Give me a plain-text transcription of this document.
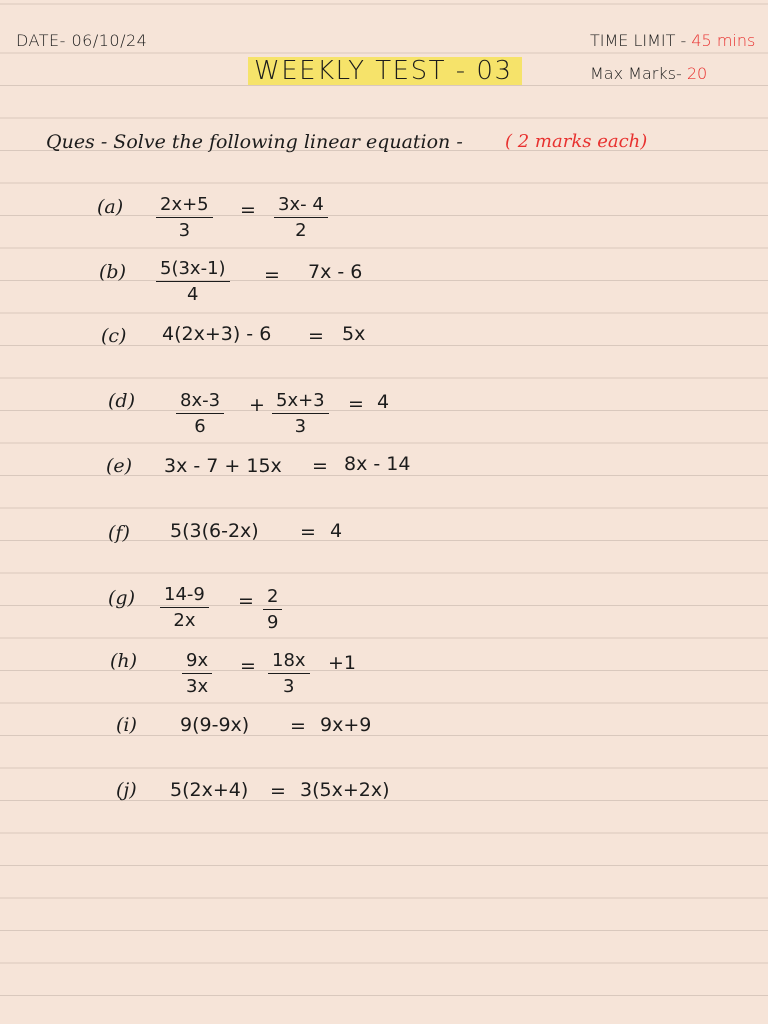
DATE- 06/10/24
WEEKLY TEST - 03
TIME LIMIT - 45 mins
Max Marks- 20
Ques - Solve the following linear equation - ( 2 marks each)
$(a) \frac{2x+5}{3} = \frac{3x- 4}{2}$
$(b) \frac{5(3x-1)}{4} = 7x - 6$
(c) 4(2x+3) - 6 = 5x
$(d) \frac{8x-3}{6} + \frac{5x+3}{3} = 4$
(e) 3x - 7 + 15x = 8x - 14
(f) 5(3(6-2x) = 4
$(g) \frac{14-9}{2x} = \frac{2}{9}$
$(h) \frac{9x}{3x} = \frac{18x}{3} +1$
(i) 9(9-9x) = 9x+9
(j) 5(2x+4) = 3(5x+2x)
